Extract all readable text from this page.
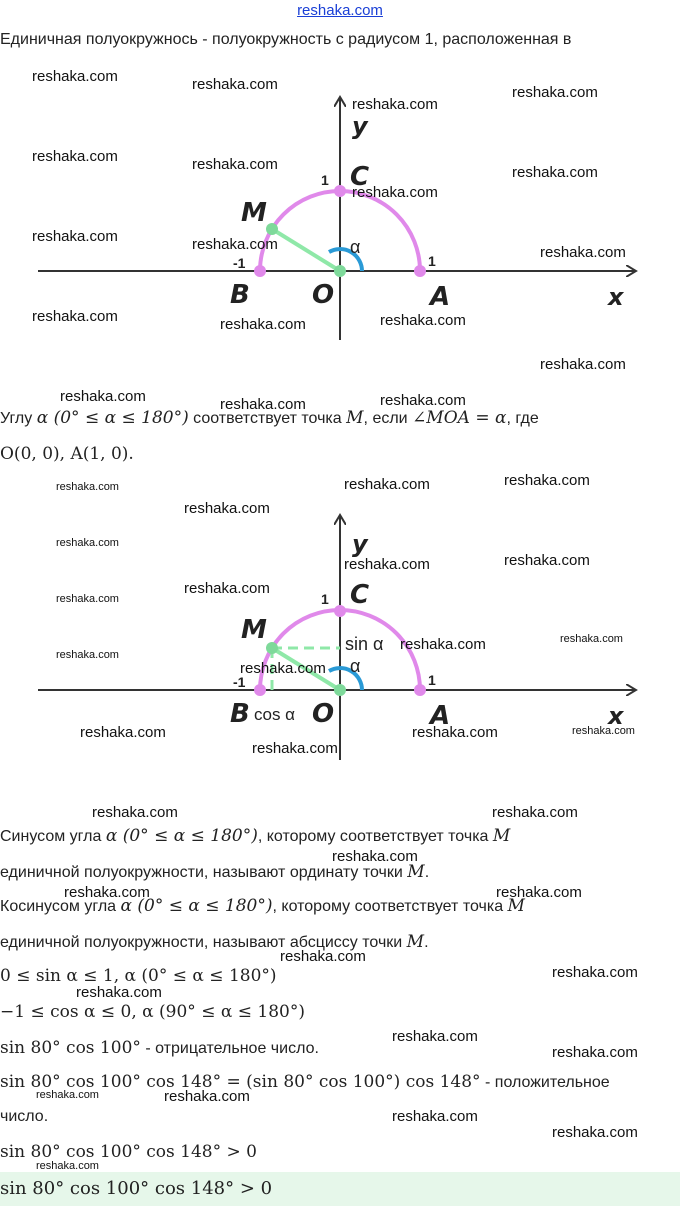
reshaka.com
Единичная полуокружнось - полуокружность с радиусом 1, расположенная в
y
C
1
M
α
-1	1
B O	A	x
Углу α (0° ≤ α ≤ 180°) соответствует точка M, если ∠MOA = α, где
O(0, 0), A(1, 0).
y
C
1
M	sin α
α
-1	1
B cos α O	A	x
Синусом угла α (0° ≤ α ≤ 180°), которому соответствует точка M
единичной полуокружности, называют ординату точки M.
Косинусом угла α (0° ≤ α ≤ 180°), которому соответствует точка M
единичной полуокружности, называют абсциссу точки M.
0 ≤ sin α ≤ 1, α (0° ≤ α ≤ 180°)
−1 ≤ cos α ≤ 0, α (90° ≤ α ≤ 180°)
sin 80° cos 100° - отрицательное число.
sin 80° cos 100° cos 148° = (sin 80° cos 100°) cos 148° - положительное
число.
sin 80° cos 100° cos 148° > 0
sin 80° cos 100° cos 148° > 0
reshaka.com	reshaka.com
reshaka.com
reshaka.com
reshaka.com	reshaka.com
reshaka.com
reshaka.com
reshaka.com	reshaka.com	reshaka.com
reshaka.com	reshaka.com	reshaka.com
reshaka.com
reshaka.com	reshaka.com	reshaka.com
reshaka.com	reshaka.com	reshaka.com
reshaka.com
reshaka.com
reshaka.com	reshaka.com
reshaka.com
reshaka.com
reshaka.com	reshaka.com
reshaka.com
reshaka.com
reshaka.com	reshaka.com	reshaka.com
reshaka.com
reshaka.com	reshaka.com
reshaka.com
reshaka.com	reshaka.com
reshaka.com
reshaka.com
reshaka.com
reshaka.com
reshaka.com
reshaka.com	reshaka.com
reshaka.com
reshaka.com
reshaka.com
